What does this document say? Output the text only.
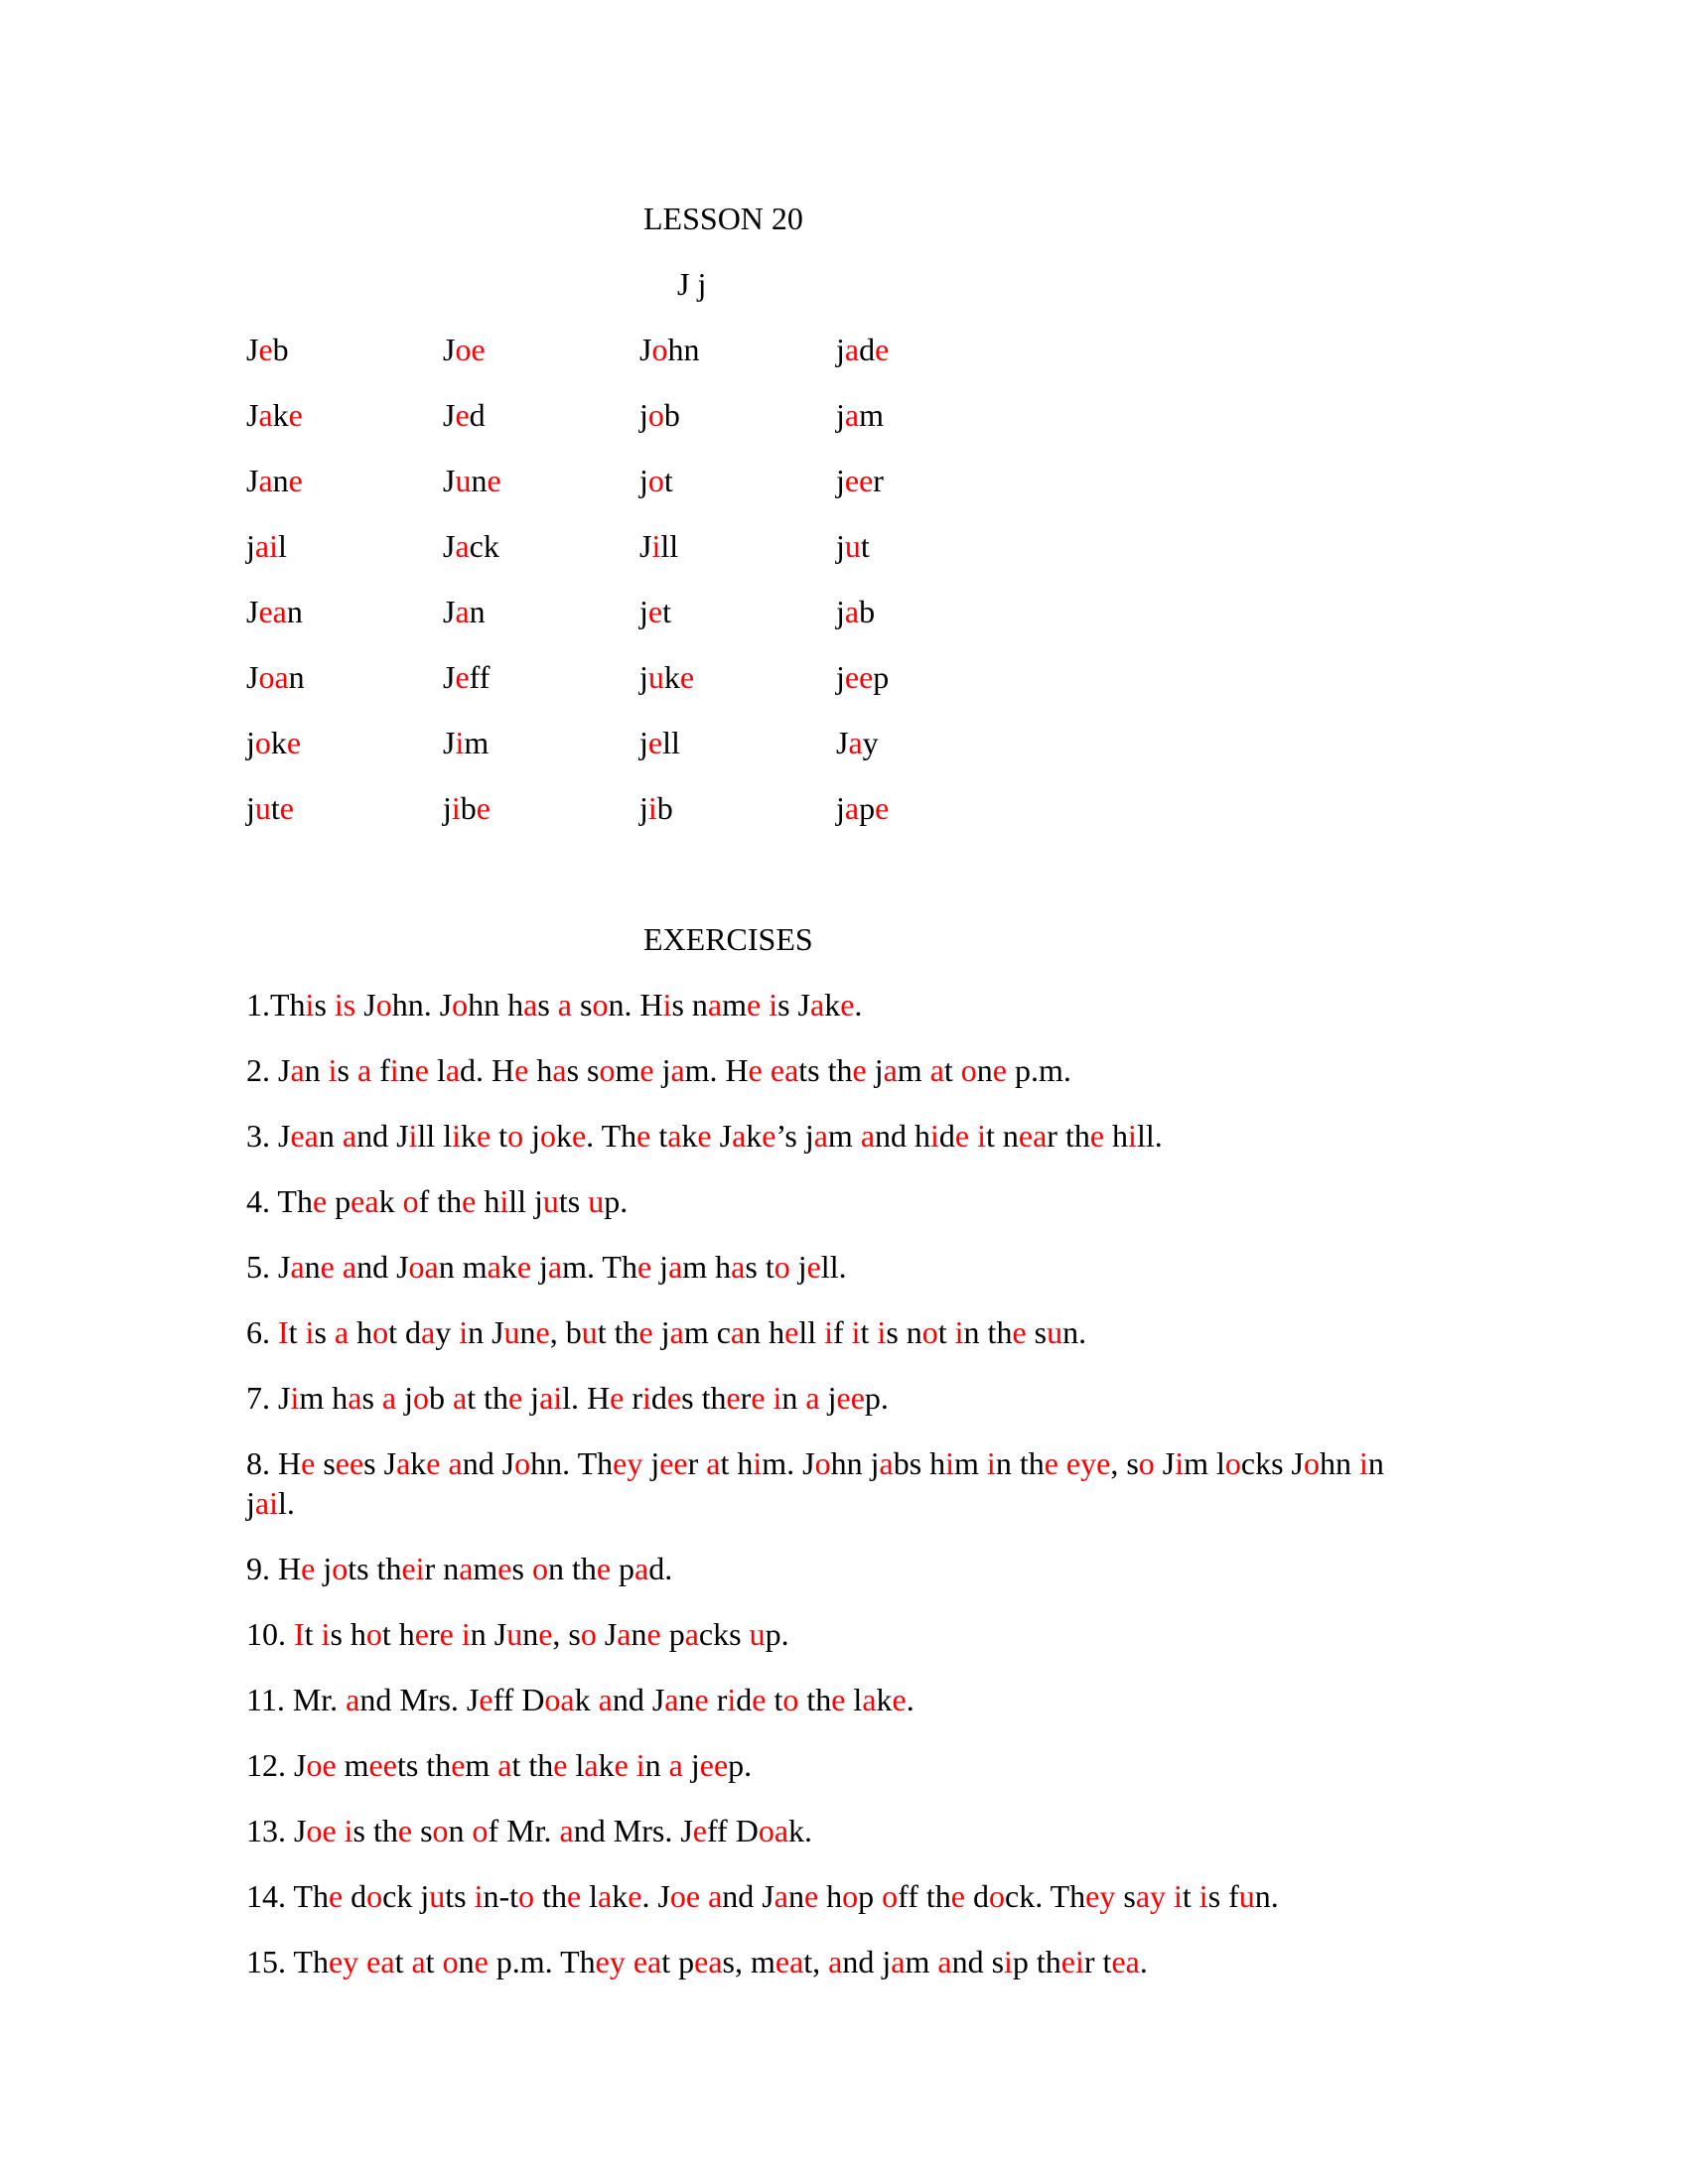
LESSON 20
J j
Jeb	Joe	John	jade
Jake	Jed	job	jam
Jane	June	jot	jeer
jail	Jack	Jill	jut
Jean	Jan	jet	jab
Joan	Jeff	juke	jeep
joke	Jim	jell	Jay
jute	jibe	jib	jape
EXERCISES
1.This is John. John has a son. His name is Jake.
2. Jan is a fine lad. He has some jam. He eats the jam at one p.m.
3. Jean and Jill like to joke. The take Jake’s jam and hide it near the hill.
4. The peak of the hill juts up.
5. Jane and Joan make jam. The jam has to jell.
6. It is a hot day in June, but the jam can hell if it is not in the sun.
7. Jim has a job at the jail. He rides there in a jeep.
8. He sees Jake and John. They jeer at him. John jabs him in the eye, so Jim locks John in jail.
9. He jots their names on the pad.
10. It is hot here in June, so Jane packs up.
11. Mr. and Mrs. Jeff Doak and Jane ride to the lake.
12. Joe meets them at the lake in a jeep.
13. Joe is the son of Mr. and Mrs. Jeff Doak.
14. The dock juts in-to the lake. Joe and Jane hop off the dock. They say it is fun.
15. They eat at one p.m. They eat peas, meat, and jam and sip their tea.
